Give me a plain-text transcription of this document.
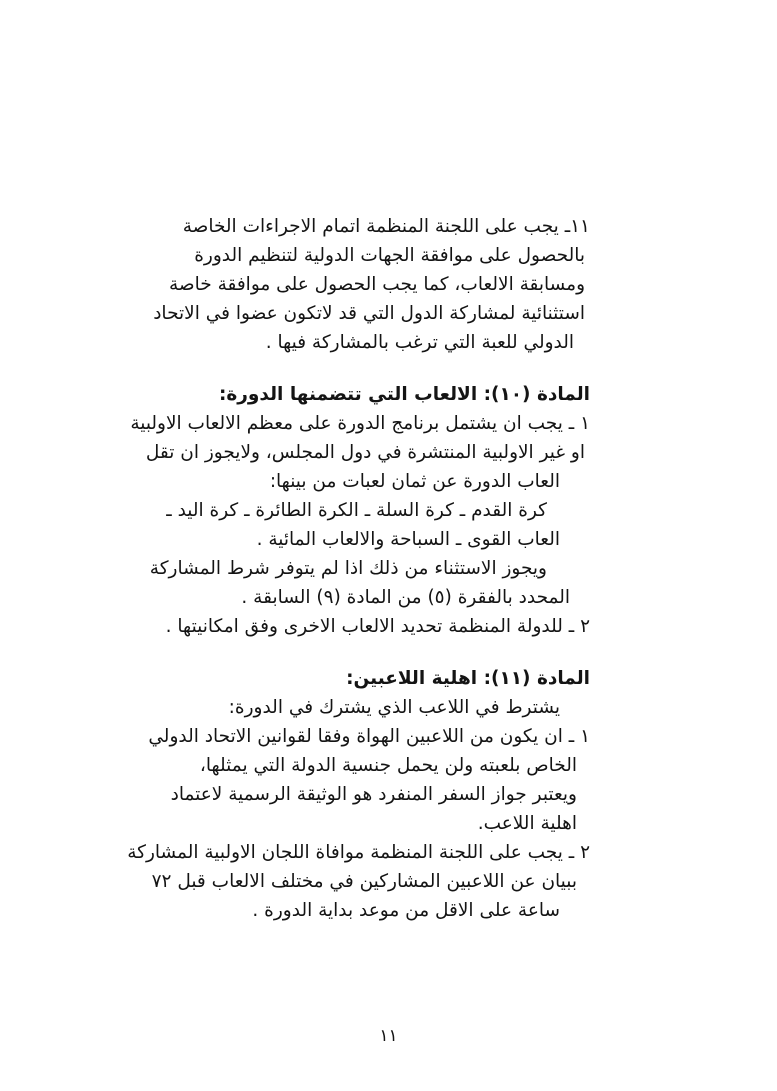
١١ـ يجب على اللجنة المنظمة اتمام الاجراءات الخاصة
بالحصول على موافقة الجهات الدولية لتنظيم الدورة
ومسابقة الالعاب، كما يجب الحصول على موافقة خاصة
استثنائية لمشاركة الدول التي قد لاتكون عضوا في الاتحاد
الدولي للعبة التي ترغب بالمشاركة فيها .
المادة (١٠): الالعاب التي تتضمنها الدورة:
١ ـ يجب ان يشتمل برنامج الدورة على معظم الالعاب الاولبية
او غير الاولبية المنتشرة في دول المجلس، ولايجوز ان تقل
العاب الدورة عن ثمان لعبات من بينها:
كرة القدم ـ كرة السلة ـ الكرة الطائرة ـ كرة اليد ـ
العاب القوى ـ السباحة والالعاب المائية .
ويجوز الاستثناء من ذلك اذا لم يتوفر شرط المشاركة
المحدد بالفقرة (٥) من المادة (٩) السابقة .
٢ ـ للدولة المنظمة تحديد الالعاب الاخرى وفق امكانيتها .
المادة (١١): اهلية اللاعبين:
يشترط في اللاعب الذي يشترك في الدورة:
١ ـ ان يكون من اللاعبين الهواة وفقا لقوانين الاتحاد الدولي
الخاص بلعبته ولن يحمل جنسية الدولة التي يمثلها،
ويعتبر جواز السفر المنفرد هو الوثيقة الرسمية لاعتماد
اهلية اللاعب.
٢ ـ يجب على اللجنة المنظمة موافاة اللجان الاولبية المشاركة
ببيان عن اللاعبين المشاركين في مختلف الالعاب قبل ٧٢
ساعة على الاقل من موعد بداية الدورة .
١١
